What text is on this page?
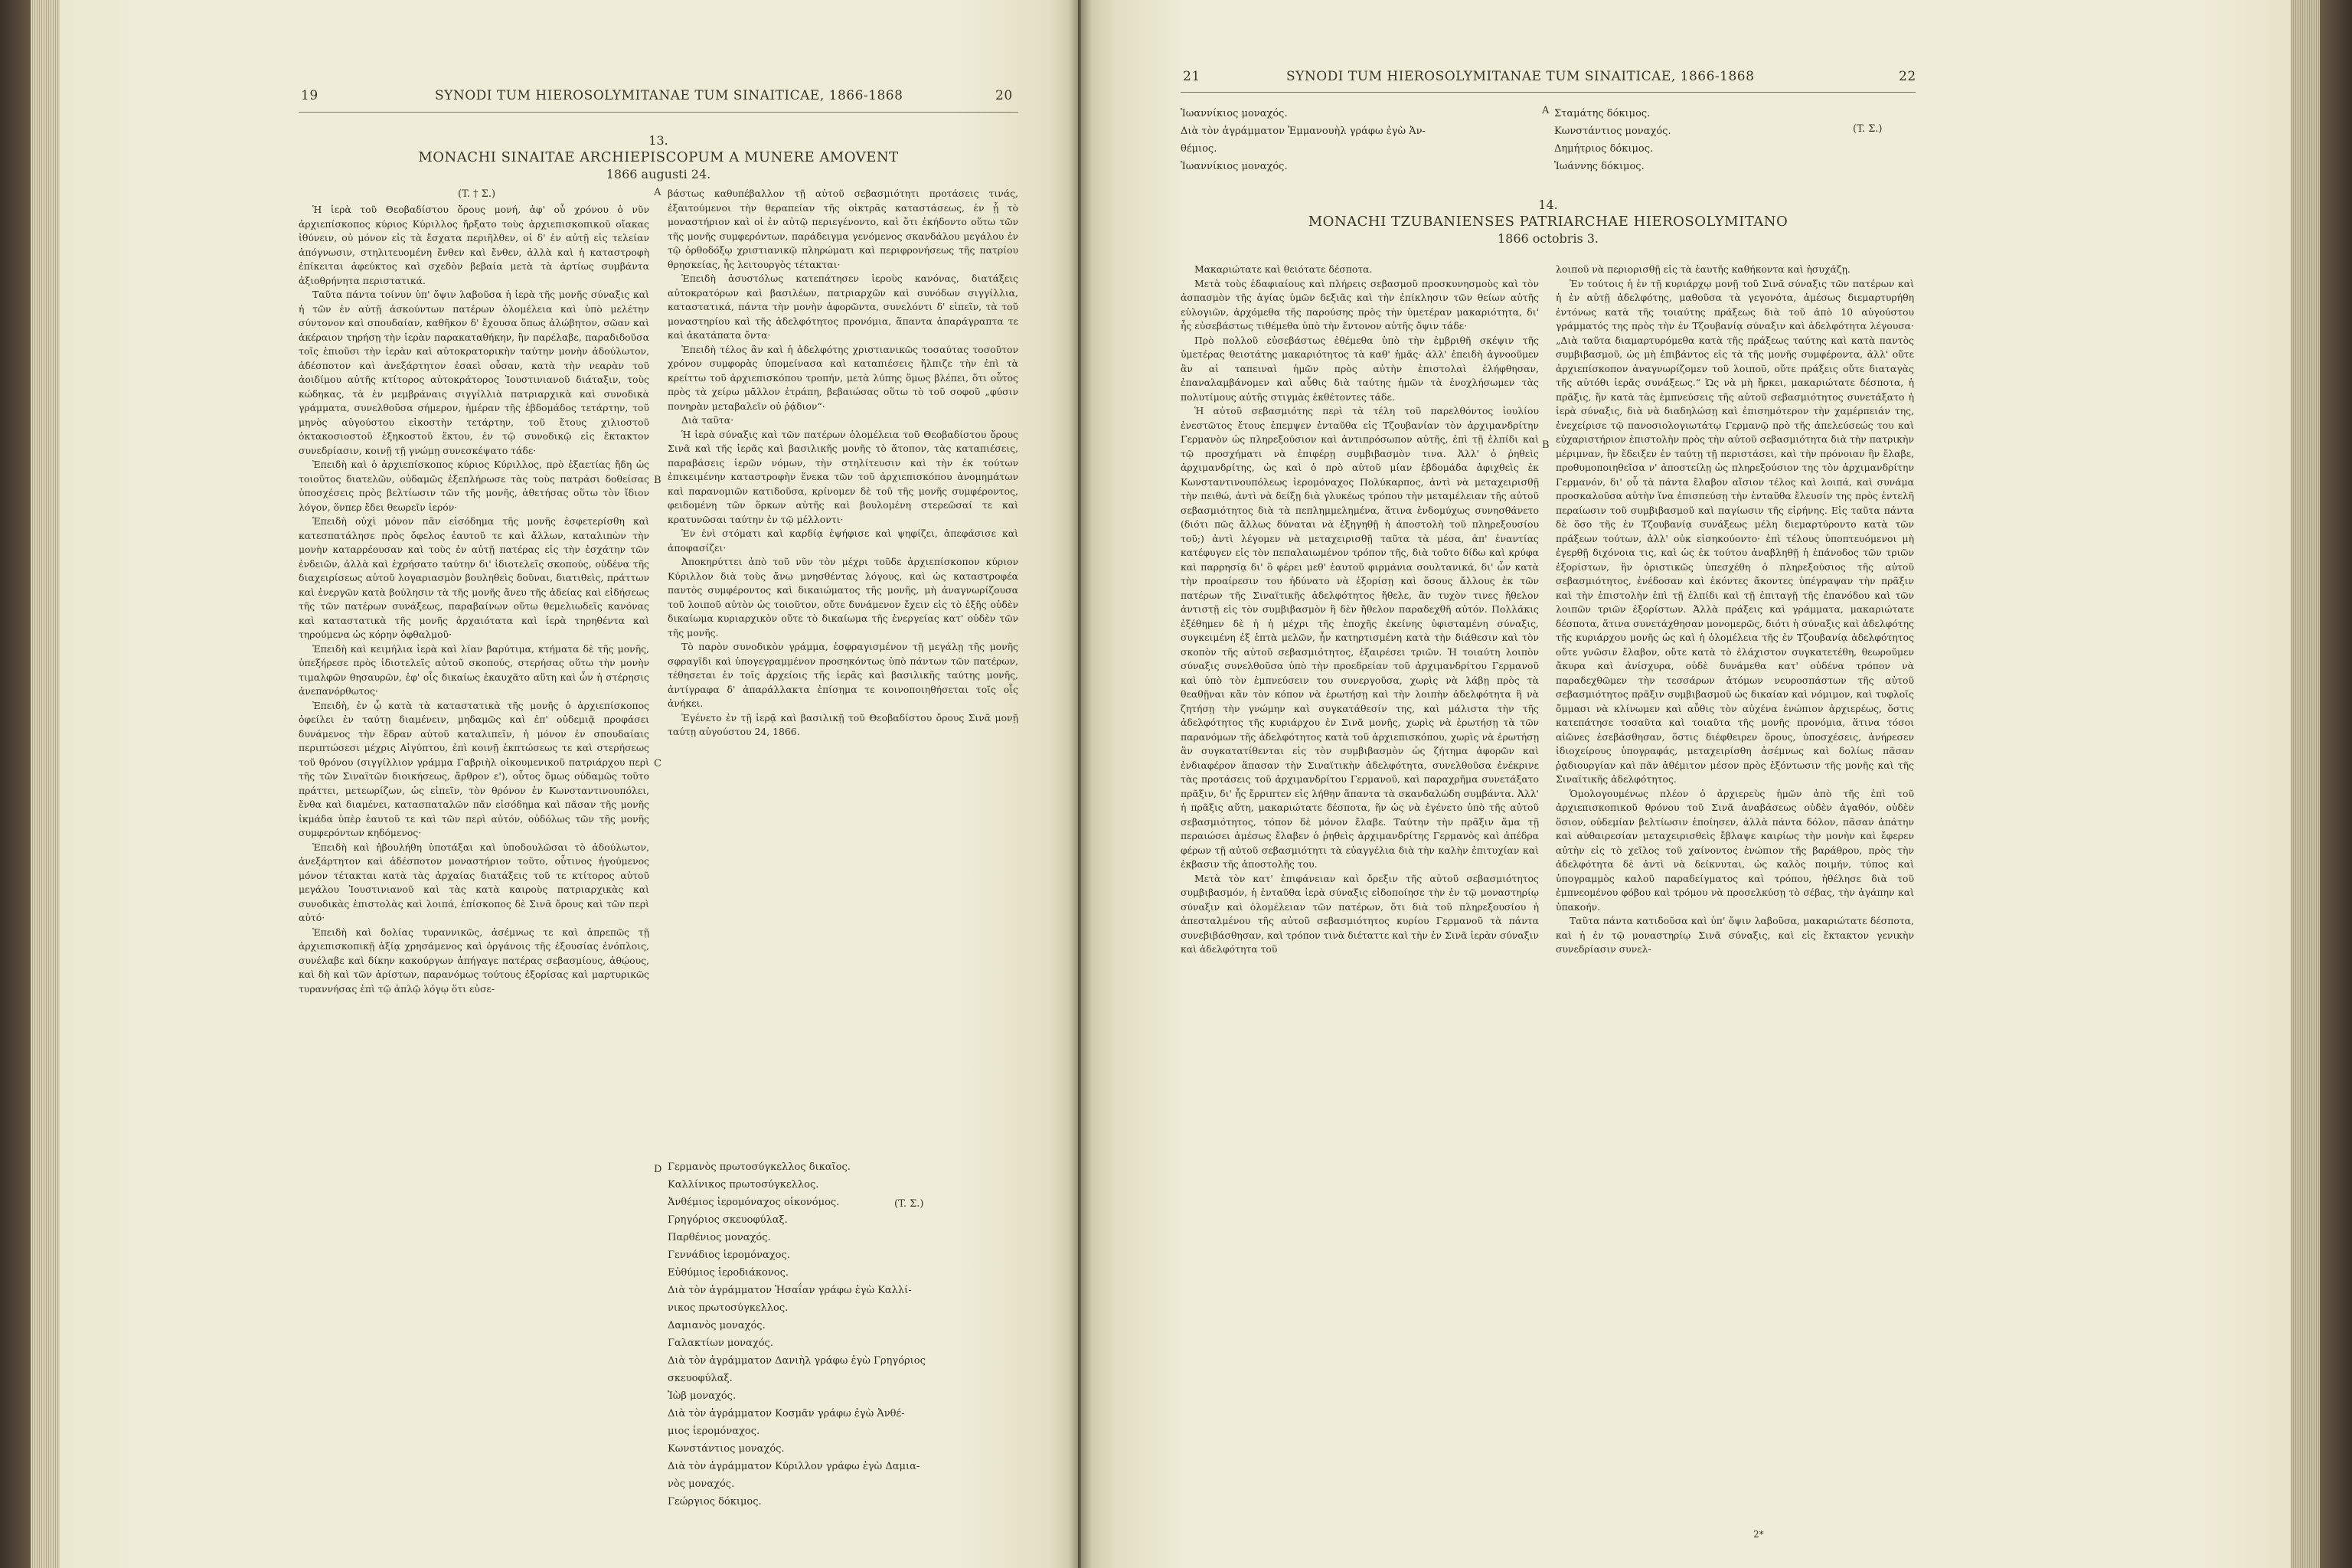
19	SYNODI TUM HIEROSOLYMITANAE TUM SINAITICAE, 1866-1868	20
13.
MONACHI SINAITAE ARCHIEPISCOPUM A MUNERE AMOVENT
1866 augusti 24.
(T. † Σ.)

Ἡ ἱερὰ τοῦ Θεοβαδίστου ὄρους μονή, ἀφ' οὗ χρόνου ὁ νῦν ἀρχιεπίσκοπος κύριος Κύριλλος ἤρξατο τοὺς ἀρχιεπισκοπικοῦ οἴακας ἰθύνειν, οὐ μόνον εἰς τὰ ἔσχατα περιῆλθεν, οἱ δ' ἐν αὐτῇ εἰς τελείαν ἀπόγνωσιν, στηλιτευομένη ἔνθεν καὶ ἔνθεν, ἀλλὰ καὶ ἡ καταστροφὴ ἐπίκειται ἀφεύκτος καὶ σχεδὸν βεβαία μετὰ τὰ ἀρτίως συμβάντα ἀξιοθρήνητα περιστατικά.

Ταῦτα πάντα τοίνυν ὑπ' ὄψιν λαβοῦσα ἡ ἱερὰ τῆς μονῆς σύναξις καὶ ἡ τῶν ἐν αὐτῇ ἀσκούντων πατέρων ὁλομέλεια καὶ ὑπὸ μελέτην σύντονον καὶ σπουδαίαν, καθῆκον δ' ἔχουσα ὅπως ἀλώβητον, σῶαν καὶ ἀκέραιον τηρήσῃ τὴν ἱερὰν παρακαταθήκην, ἣν παρέλαβε, παραδιδοῦσα τοῖς ἐπιοῦσι τὴν ἱερὰν καὶ αὐτοκρατορικὴν ταύτην μονὴν ἀδούλωτον, ἀδέσποτον καὶ ἀνεξάρτητον ἐσαεὶ οὖσαν, κατὰ τὴν νεαρὰν τοῦ ἀοιδίμου αὐτῆς κτίτορος αὐτοκράτορος Ἰουστινιανοῦ διάταξιν, τοὺς κώδηκας, τὰ ἐν μεμβράναις σιγγίλλιὰ πατριαρχικὰ καὶ συνοδικὰ γράμματα, συνελθοῦσα σήμερον, ἡμέραν τῆς ἑβδομάδος τετάρτην, τοῦ μηνὸς αὐγούστου εἰκοστὴν τετάρτην, τοῦ ἔτους χιλιοστοῦ ὀκτακοσιοστοῦ ἑξηκοστοῦ ἕκτου, ἐν τῷ συνοδικῷ εἰς ἔκτακτον συνεδρίασιν, κοινῇ τῇ γνώμῃ συνεσκέψατο τάδε·

Ἐπειδὴ καὶ ὁ ἀρχιεπίσκοπος κύριος Κύριλλος, πρὸ ἐξαετίας ἤδη ὡς τοιοῦτος διατελῶν, οὐδαμῶς ἐξεπλήρωσε τὰς τοὺς πατράσι δοθείσας ὑποσχέσεις πρὸς βελτίωσιν τῶν τῆς μονῆς, ἀθετήσας οὕτω τὸν ἴδιον λόγον, ὅνπερ ἔδει θεωρεῖν ἱερόν·

Ἐπειδὴ οὐχὶ μόνον πᾶν εἰσόδημα τῆς μονῆς ἐσφετερίσθη καὶ κατεσπατάλησε πρὸς ὄφελος ἑαυτοῦ τε καὶ ἄλλων, καταλιπὼν τὴν μονὴν καταρρέουσαν καὶ τοὺς ἐν αὐτῇ πατέρας εἰς τὴν ἐσχάτην τῶν ἐνδειῶν, ἀλλὰ καὶ ἐχρήσατο ταύτην δι' ἰδιοτελεῖς σκοπούς, οὐδένα τῆς διαχειρίσεως αὐτοῦ λογαριασμὸν βουληθεὶς δοῦναι, διατιθεὶς, πράττων καὶ ἐνεργῶν κατὰ βούλησιν τὰ τῆς μονῆς ἄνευ τῆς ἀδείας καὶ εἰδήσεως τῆς τῶν πατέρων συνάξεως, παραβαίνων οὕτω θεμελιωδεῖς κανόνας καὶ καταστατικὰ τῆς μονῆς ἀρχαιότατα καὶ ἱερὰ τηρηθέντα καὶ τηρούμενα ὡς κόρην ὀφθαλμοῦ·

Ἐπειδὴ καὶ κειμήλια ἱερὰ καὶ λίαν βαρύτιμα, κτήματα δὲ τῆς μονῆς, ὑπεξήρεσε πρὸς ἰδιοτελεῖς αὐτοῦ σκοπούς, στερήσας οὕτω τὴν μονὴν τιμαλφῶν θησαυρῶν, ἐφ' οἷς δικαίως ἐκαυχᾶτο αὕτη καὶ ὧν ἡ στέρησις ἀνεπανόρθωτος·

Ἐπειδὴ, ἐν ᾧ κατὰ τὰ καταστατικὰ τῆς μονῆς ὁ ἀρχιεπίσκοπος ὀφείλει ἐν ταύτῃ διαμένειν, μηδαμῶς καὶ ἐπ' οὐδεμιᾷ προφάσει δυνάμενος τὴν ἕδραν αὐτοῦ καταλιπεῖν, ἡ μόνον ἐν σπουδαίαις περιπτώσεσι μέχρις Αἰγύπτου, ἐπὶ κοινῇ ἐκπτώσεως τε καὶ στερήσεως τοῦ θρόνου (σιγγίλλιον γράμμα Γαβριὴλ οἰκουμενικοῦ πατριάρχου περὶ τῆς τῶν Σιναϊτῶν διοικήσεως, ἄρθρον ε'), οὗτος ὅμως οὐδαμῶς τοῦτο πράττει, μετεωρίζων, ὡς εἰπεῖν, τὸν θρόνον ἐν Κωνσταντινουπόλει, ἔνθα καὶ διαμένει, κατασπαταλῶν πᾶν εἰσόδημα καὶ πᾶσαν τῆς μονῆς ἰκμάδα ὑπὲρ ἑαυτοῦ τε καὶ τῶν περὶ αὐτόν, οὐδόλως τῶν τῆς μονῆς συμφερόντων κηδόμενος·

Ἐπειδὴ καὶ ἠβουλήθη ὑποτάξαι καὶ ὑποδουλῶσαι τὸ ἀδούλωτον, ἀνεξάρτητον καὶ ἀδέσποτον μοναστήριον τοῦτο, οὗτινος ἡγούμενος μόνον τέτακται κατὰ τὰς ἀρχαίας διατάξεις τοῦ τε κτίτορος αὐτοῦ μεγάλου Ἰουστινιανοῦ καὶ τὰς κατὰ καιροὺς πατριαρχικὰς καὶ συνοδικὰς ἐπιστολὰς καὶ λοιπά, ἐπίσκοπος δὲ Σινᾶ ὄρους καὶ τῶν περὶ αὐτό·

Ἐπειδὴ καὶ δολίας τυραννικῶς, ἀσέμνως τε καὶ ἀπρεπῶς τῇ ἀρχιεπισκοπικῇ ἀξίᾳ χρησάμενος καὶ ὀργάνοις τῆς ἐξουσίας ἐνόπλοις, συνέλαβε καὶ δίκην κακούργων ἀπήγαγε πατέρας σεβασμίους, ἀθῴους, καὶ δὴ καὶ τῶν ἀρίστων, παρανόμως τούτους ἐξορίσας καὶ μαρτυρικῶς τυραννήσας ἐπὶ τῷ ἁπλῷ λόγῳ ὅτι εὐσε-

βάστως καθυπέβαλλον τῇ αὐτοῦ σεβασμιότητι προτάσεις τινάς, ἐξαιτούμενοι τὴν θεραπείαν τῆς οἰκτρᾶς καταστάσεως, ἐν ᾗ τὸ μοναστήριον καὶ οἱ ἐν αὐτῷ περιεγένοντο, καὶ ὅτι ἐκήδοντο οὕτω τῶν τῆς μονῆς συμφερόντων, παράδειγμα γενόμενος σκανδάλου μεγάλου ἐν τῷ ὀρθοδόξῳ χριστιανικῷ πληρώματι καὶ περιφρονήσεως τῆς πατρίου θρησκείας, ἧς λειτουργὸς τέτακται·

Ἐπειδὴ ἀσυστόλως κατεπάτησεν ἱεροὺς κανόνας, διατάξεις αὐτοκρατόρων καὶ βασιλέων, πατριαρχῶν καὶ συνόδων σιγγίλλια, καταστατικά, πάντα τὴν μονὴν ἀφορῶντα, συνελόντι δ' εἰπεῖν, τὰ τοῦ μοναστηρίου καὶ τῆς ἀδελφότητος προνόμια, ἅπαντα ἀπαράγραπτα τε καὶ ἀκατάπατα ὄντα·

Ἐπειδὴ τέλος ἂν καὶ ἡ ἀδελφότης χριστιανικῶς τοσαύτας τοσοῦτον χρόνον συμφορὰς ὑπομείνασα καὶ καταπιέσεις ἤλπιζε τὴν ἐπὶ τὰ κρείττω τοῦ ἀρχιεπισκόπου τροπήν, μετὰ λύπης ὅμως βλέπει, ὅτι οὗτος πρὸς τὰ χείρω μᾶλλον ἐτράπη, βεβαιώσας οὕτω τὸ τοῦ σοφοῦ „φύσιν πονηρὰν μεταβαλεῖν οὐ ῥᾴδιον“·

Διὰ ταῦτα·

Ἡ ἱερὰ σύναξις καὶ τῶν πατέρων ὁλομέλεια τοῦ Θεοβαδίστου ὄρους Σινᾶ καὶ τῆς ἱερᾶς καὶ βασιλικῆς μονῆς τὸ ἄτοπον, τὰς καταπιέσεις, παραβάσεις ἱερῶν νόμων, τὴν στηλίτευσιν καὶ τὴν ἐκ τούτων ἐπικειμένην καταστροφὴν ἕνεκα τῶν τοῦ ἀρχιεπισκόπου ἀνομημάτων καὶ παρανομιῶν κατιδοῦσα, κρίνομεν δὲ τοῦ τῆς μονῆς συμφέροντος, φειδομένη τῶν ὅρκων αὐτῆς καὶ βουλομένη στερεῶσαί τε καὶ κρατυνῶσαι ταύτην ἐν τῷ μέλλοντι·

Ἐν ἑνὶ στόματι καὶ καρδίᾳ ἐψήφισε καὶ ψηφίζει, ἀπεφάσισε καὶ ἀποφασίζει·

Ἀποκηρύττει ἀπὸ τοῦ νῦν τὸν μέχρι τοῦδε ἀρχιεπίσκοπον κύριον Κύριλλον διὰ τοὺς ἄνω μνησθέντας λόγους, καὶ ὡς καταστροφέα παντὸς συμφέροντος καὶ δικαιώματος τῆς μονῆς, μὴ ἀναγνωρίζουσα τοῦ λοιποῦ αὐτὸν ὡς τοιοῦτον, οὔτε δυνάμενον ἔχειν εἰς τὸ ἑξῆς οὐδὲν δικαίωμα κυριαρχικὸν οὔτε τὸ δικαίωμα τῆς ἐνεργείας κατ' οὐδὲν τῶν τῆς μονῆς.

Τὸ παρὸν συνοδικὸν γράμμα, ἐσφραγισμένον τῇ μεγάλῃ τῆς μονῆς σφραγῖδι καὶ ὑπογεγραμμένον προσηκόντως ὑπὸ πάντων τῶν πατέρων, τέθησεται ἐν τοῖς ἀρχείοις τῆς ἱερᾶς καὶ βασιλικῆς ταύτης μονῆς, ἀντίγραφα δ' ἀπαράλλακτα ἐπίσημα τε κοινοποιηθήσεται τοῖς οἷς ἀνήκει.

Ἐγένετο ἐν τῇ ἱερᾷ καὶ βασιλικῇ τοῦ Θεοβαδίστου ὄρους Σινᾶ μονῇ ταύτῃ αὐγούστου 24, 1866.

Γερμανὸς πρωτοσύγκελλος δικαῖος.
Καλλίνικος πρωτοσύγκελλος.
Ἀνθέμιος ἱερομόναχος οἰκονόμος.
Γρηγόριος σκευοφύλαξ.
Παρθένιος μοναχός.
Γεννάδιος ἱερομόναχος.
Εὐθύμιος ἱεροδιάκονος.
Διὰ τὸν ἀγράμματον Ἠσαΐαν γράφω ἐγὼ Καλλί-
νικος πρωτοσύγκελλος.
Δαμιανὸς μοναχός.
Γαλακτίων μοναχός.
Διὰ τὸν ἀγράμματον Δανιὴλ γράφω ἐγὼ Γρηγόριος
σκευοφύλαξ.
Ἰὼβ μοναχός.
Διὰ τὸν ἀγράμματον Κοσμᾶν γράφω ἐγὼ Ἀνθέ-
μιος ἱερομόναχος.
Κωνστάντιος μοναχός.
Διὰ τὸν ἀγράμματον Κύριλλον γράφω ἐγὼ Δαμια-
νὸς μοναχός.
Γεώργιος δόκιμος.
(T. Σ.)
A
B
C
D
21	SYNODI TUM HIEROSOLYMITANAE TUM SINAITICAE, 1866-1868	22
Ἰωαννίκιος μοναχός.
Διὰ τὸν ἀγράμματον Ἐμμανουὴλ γράφω ἐγὼ Ἀν-
θέμιος.
Ἰωαννίκιος μοναχός.
Σταμάτης δόκιμος.
Κωνστάντιος μοναχός.
Δημήτριος δόκιμος.
Ἰωάννης δόκιμος.
(T. Σ.)
14.
MONACHI TZUBANIENSES PATRIARCHAE HIEROSOLYMITANO
1866 octobris 3.

Μακαριώτατε καὶ θειότατε δέσποτα.

Μετὰ τοὺς ἐδαφιαίους καὶ πλήρεις σεβασμοῦ προσκυνησμοὺς καὶ τὸν ἀσπασμὸν τῆς ἁγίας ὑμῶν δεξιᾶς καὶ τὴν ἐπίκλησιν τῶν θείων αὐτῆς εὐλογιῶν, ἀρχόμεθα τῆς παρούσης πρὸς τὴν ὑμετέραν μακαριότητα, δι' ἧς εὐσεβάστως τιθέμεθα ὑπὸ τὴν ἔντονον αὐτῆς ὄψιν τάδε·

Πρὸ πολλοῦ εὐσεβάστως ἐθέμεθα ὑπὸ τὴν ἐμβριθῆ σκέψιν τῆς ὑμετέρας θειοτάτης μακαριότητος τὰ καθ' ἡμᾶς· ἀλλ' ἐπειδὴ ἀγνοοῦμεν ἂν αἱ ταπειναὶ ἡμῶν πρὸς αὐτὴν ἐπιστολαὶ ἐλήφθησαν, ἐπαναλαμβάνομεν καὶ αὖθις διὰ ταύτης ἡμῶν τὰ ἐνοχλήσωμεν τὰς πολυτίμους αὐτῆς στιγμὰς ἐκθέτοντες τάδε.

Ἡ αὐτοῦ σεβασμιότης περὶ τὰ τέλη τοῦ παρελθόντος ἰουλίου ἐνεστῶτος ἔτους ἐπεμψεν ἐνταῦθα εἰς Τζουβανίαν τὸν ἀρχιμανδρίτην Γερμανὸν ὡς πληρεξούσιον καὶ ἀντιπρόσωπον αὐτῆς, ἐπὶ τῇ ἐλπίδι καὶ τῷ προσχήματι νὰ ἐπιφέρῃ συμβιβασμὸν τινα. Ἀλλ' ὁ ῥηθεὶς ἀρχιμανδρίτης, ὡς καὶ ὁ πρὸ αὐτοῦ μίαν ἑβδομάδα ἀφιχθεὶς ἐκ Κωνσταντινουπόλεως ἱερομόναχος Πολύκαρπος, ἀντὶ νὰ μεταχειρισθῇ τὴν πειθώ, ἀντὶ νὰ δείξῃ διὰ γλυκέως τρόπου τὴν μεταμέλειαν τῆς αὐτοῦ σεβασμιότητος διὰ τὰ πεπλημμελημένα, ἅτινα ἐνδομύχως συνησθάνετο (διότι πῶς ἄλλως δύναται νὰ ἐξηγηθῇ ἡ ἀποστολὴ τοῦ πληρεξουσίου τοῦ;) ἀντὶ λέγομεν νὰ μεταχειρισθῇ ταῦτα τὰ μέσα, ἀπ' ἐναντίας κατέφυγεν εἰς τὸν πεπαλαιωμένον τρόπον τῆς, διὰ τοῦτο δίδω καὶ κρύφα καὶ παρρησίᾳ δι' ὃ φέρει μεθ' ἑαυτοῦ φιρμάνια σουλτανικά, δι' ὧν κατὰ τὴν προαίρεσιν του ἠδύνατο νὰ ἐξορίσῃ καὶ ὅσους ἄλλους ἐκ τῶν πατέρων τῆς Σιναϊτικῆς ἀδελφότητος ἤθελε, ἂν τυχὸν τινες ἤθελον ἀντιστῇ εἰς τὸν συμβιβασμὸν ἢ δὲν ἤθελον παραδεχθῆ αὐτόν. Πολλάκις ἐξέθημεν δὲ ἡ ἡ μέχρι τῆς ἐποχῆς ἐκείνης ὑφισταμένη σύναξις, συγκειμένη ἐξ ἑπτὰ μελῶν, ἦν κατηρτισμένη κατὰ τὴν διάθεσιν καὶ τὸν σκοπὸν τῆς αὐτοῦ σεβασμιότητος, ἐξαιρέσει τριῶν. Ἡ τοιαύτη λοιπὸν σύναξις συνελθοῦσα ὑπὸ τὴν προεδρείαν τοῦ ἀρχιμανδρίτου Γερμανοῦ καὶ ὑπὸ τὸν ἐμπνεύσειν του συνεργοῦσα, χωρὶς νὰ λάβῃ πρὸς τὰ θεαθῇναι κἂν τὸν κόπον νὰ ἐρωτήσῃ καὶ τὴν λοιπὴν ἀδελφότητα ἢ νὰ ζητήσῃ τὴν γνώμην καὶ συγκατάθεσίν της, καὶ μάλιστα τὴν τῆς ἀδελφότητος τῆς κυριάρχου ἐν Σινᾶ μονῆς, χωρὶς νὰ ἐρωτήσῃ τὰ τῶν παρανόμων τῆς ἀδελφότητος κατὰ τοῦ ἀρχιεπισκόπου, χωρὶς νὰ ἐρωτήσῃ ἂν συγκατατίθενται εἰς τὸν συμβιβασμὸν ὡς ζήτημα ἀφορῶν καὶ ἐνδιαφέρον ἅπασαν τὴν Σιναϊτικὴν ἀδελφότητα, συνελθοῦσα ἐνέκρινε τὰς προτάσεις τοῦ ἀρχιμανδρίτου Γερμανοῦ, καὶ παραχρῆμα συνετάξατο πρᾶξιν, δι' ἧς ἔρριπτεν εἰς λήθην ἅπαντα τὰ σκανδαλώδη συμβάντα. Ἀλλ' ἡ πρᾶξις αὕτη, μακαριώτατε δέσποτα, ἥν ὡς νὰ ἐγένετο ὑπὸ τῆς αὐτοῦ σεβασμιότητος, τόπον δὲ μόνον ἔλαβε. Ταύτην τὴν πρᾶξιν ἅμα τῇ περαιώσει ἀμέσως ἔλαβεν ὁ ῥηθεὶς ἀρχιμανδρίτης Γερμανὸς καὶ ἀπέδρα φέρων τῇ αὐτοῦ σεβασμιότητι τὰ εὐαγγέλια διὰ τὴν καλὴν ἐπιτυχίαν καὶ ἐκβασιν τῆς ἀποστολῆς του.

Μετὰ τὸν κατ' ἐπιφάνειαν καὶ ὄρεξιν τῆς αὐτοῦ σεβασμιότητος συμβιβασμόν, ἡ ἐνταῦθα ἱερὰ σύναξις εἰδοποίησε τὴν ἐν τῷ μοναστηρίῳ σύναξιν καὶ ὁλομέλειαν τῶν πατέρων, ὅτι διὰ τοῦ πληρεξουσίου ἡ ἀπεσταλμένου τῆς αὐτοῦ σεβασμιότητος κυρίου Γερμανοῦ τὰ πάντα συνεβιβάσθησαν, καὶ τρόπον τινὰ διέταττε καὶ τὴν ἐν Σινᾶ ἱερὰν σύναξιν καὶ ἀδελφότητα τοῦ

λοιποῦ νὰ περιορισθῇ εἰς τὰ ἑαυτῆς καθήκοντα καὶ ἡσυχάζῃ.

Ἐν τούτοις ἡ ἐν τῇ κυριάρχῳ μονῇ τοῦ Σινᾶ σύναξις τῶν πατέρων καὶ ἡ ἐν αὐτῇ ἀδελφότης, μαθοῦσα τὰ γεγονότα, ἀμέσως διεμαρτυρήθη ἐντόνως κατὰ τῆς τοιαύτης πράξεως διὰ τοῦ ἀπὸ 10 αὐγούστου γράμματός της πρὸς τὴν ἐν Τζουβανίᾳ σύναξιν καὶ ἀδελφότητα λέγουσα· „Διὰ ταῦτα διαμαρτυρόμεθα κατὰ τῆς πράξεως ταύτης καὶ κατὰ παντὸς συμβιβασμοῦ, ὡς μὴ ἐπιβάντος εἰς τὰ τῆς μονῆς συμφέροντα, ἀλλ' οὔτε ἀρχιεπίσκοπον ἀναγνωρίζομεν τοῦ λοιποῦ, οὔτε πράξεις οὔτε διαταγὰς τῆς αὐτόθι ἱερᾶς συνάξεως.“ Ὡς νὰ μὴ ἤρκει, μακαριώτατε δέσποτα, ἡ πρᾶξις, ἥν κατὰ τὰς ἐμπνεύσεις τῆς αὐτοῦ σεβασμιότητος συνετάξατο ἡ ἱερὰ σύναξις, διὰ νὰ διαδηλώσῃ καὶ ἐπισημότερον τὴν χαμέρπειάν της, ἐνεχείρισε τῷ πανοσιολογιωτάτῳ Γερμανῷ πρὸ τῆς ἀπελεύσεώς του καὶ εὐχαριστήριον ἐπιστολὴν πρὸς τὴν αὐτοῦ σεβασμιότητα διὰ τὴν πατρικὴν μέριμναν, ἣν ἔδειξεν ἐν ταύτῃ τῇ περιστάσει, καὶ τὴν πρόνοιαν ἣν ἔλαβε, προθυμοποιηθεῖσα ν' ἀποστείλῃ ὡς πληρεξούσιον της τὸν ἀρχιμανδρίτην Γερμανόν, δι' οὗ τὰ πάντα ἔλαβον αἴσιον τέλος καὶ λοιπά, καὶ συνάμα προσκαλοῦσα αὐτὴν ἵνα ἐπισπεύσῃ τὴν ἐνταῦθα ἔλευσίν της πρὸς ἐντελῆ περαίωσιν τοῦ συμβιβασμοῦ καὶ παγίωσιν τῆς εἰρήνης. Εἰς ταῦτα πάντα δὲ ὅσο τῆς ἐν Τζουβανίᾳ συνάξεως μέλη διεμαρτύροντο κατὰ τῶν πράξεων τούτων, ἀλλ' οὐκ εἰσηκούοντο· ἐπὶ τέλους ὑποπτευόμενοι μὴ ἐγερθῇ διχόνοια τις, καὶ ὡς ἐκ τούτου ἀναβληθῇ ἡ ἐπάνοδος τῶν τριῶν ἐξορίστων, ἣν ὁριστικῶς ὑπεσχέθη ὁ πληρεξούσιος τῆς αὐτοῦ σεβασμιότητος, ἐνέδοσαν καὶ ἑκόντες ἄκοντες ὑπέγραψαν τὴν πρᾶξιν καὶ τὴν ἐπιστολὴν ἐπὶ τῇ ἐλπίδι καὶ τῇ ἐπιταγῇ τῆς ἐπανόδου καὶ τῶν λοιπῶν τριῶν ἐξορίστων. Ἀλλὰ πράξεις καὶ γράμματα, μακαριώτατε δέσποτα, ἅτινα συνετάχθησαν μονομερῶς, διότι ἡ σύναξις καὶ ἀδελφότης τῆς κυριάρχου μονῆς ὡς καὶ ἡ ὁλομέλεια τῆς ἐν Τζουβανίᾳ ἀδελφότητος οὔτε γνῶσιν ἔλαβον, οὔτε κατὰ τὸ ἐλάχιστον συγκατετέθη, θεωροῦμεν ἄκυρα καὶ ἀνίσχυρα, οὐδὲ δυνάμεθα κατ' οὐδένα τρόπον νὰ παραδεχθῶμεν τὴν τεσσάρων ἀτόμων νευροσπάστων τῆς αὐτοῦ σεβασμιότητος πρᾶξιν συμβιβασμοῦ ὡς δικαίαν καὶ νόμιμον, καὶ τυφλοῖς ὄμμασι νὰ κλίνωμεν καὶ αὖθις τὸν αὐχένα ἐνώπιον ἀρχιερέως, ὅστις κατεπάτησε τοσαῦτα καὶ τοιαῦτα τῆς μονῆς προνόμια, ἅτινα τόσοι αἰῶνες ἐσεβάσθησαν, ὅστις διέφθειρεν ὅρους, ὑποσχέσεις, ἀνήρεσεν ἰδιοχείρους ὑπογραφάς, μεταχειρίσθη ἀσέμνως καὶ δολίως πᾶσαν ῥᾳδιουργίαν καὶ πᾶν ἀθέμιτον μέσον πρὸς ἐξόντωσιν τῆς μονῆς καὶ τῆς Σιναϊτικῆς ἀδελφότητος.

Ὁμολογουμένως πλέον ὁ ἀρχιερεὺς ἡμῶν ἀπὸ τῆς ἐπὶ τοῦ ἀρχιεπισκοπικοῦ θρόνου τοῦ Σινᾶ ἀναβάσεως οὐδὲν ἀγαθόν, οὐδὲν ὅσιον, οὐδεμίαν βελτίωσιν ἐποίησεν, ἀλλὰ πάντα δόλον, πᾶσαν ἀπάτην καὶ αὐθαιρεσίαν μεταχειρισθεὶς ἔβλαψε καιρίως τὴν μονὴν καὶ ἔφερεν αὐτὴν εἰς τὸ χεῖλος τοῦ χαίνοντος ἐνώπιον τῆς βαράθρου, πρὸς τὴν ἀδελφότητα δὲ ἀντὶ νὰ δείκνυται, ὡς καλὸς ποιμήν, τύπος καὶ ὑπογραμμὸς καλοῦ παραδείγματος καὶ τρόπου, ἠθέλησε διὰ τοῦ ἐμπνεομένου φόβου καὶ τρόμου νὰ προσελκύσῃ τὸ σέβας, τὴν ἀγάπην καὶ ὑπακοήν.

Ταῦτα πάντα κατιδοῦσα καὶ ὑπ' ὄψιν λαβοῦσα, μακαριώτατε δέσποτα, καὶ ἡ ἐν τῷ μοναστηρίῳ Σινᾶ σύναξις, καὶ εἰς ἔκτακτον γενικὴν συνεδρίασιν συνελ-

A
B
2*
